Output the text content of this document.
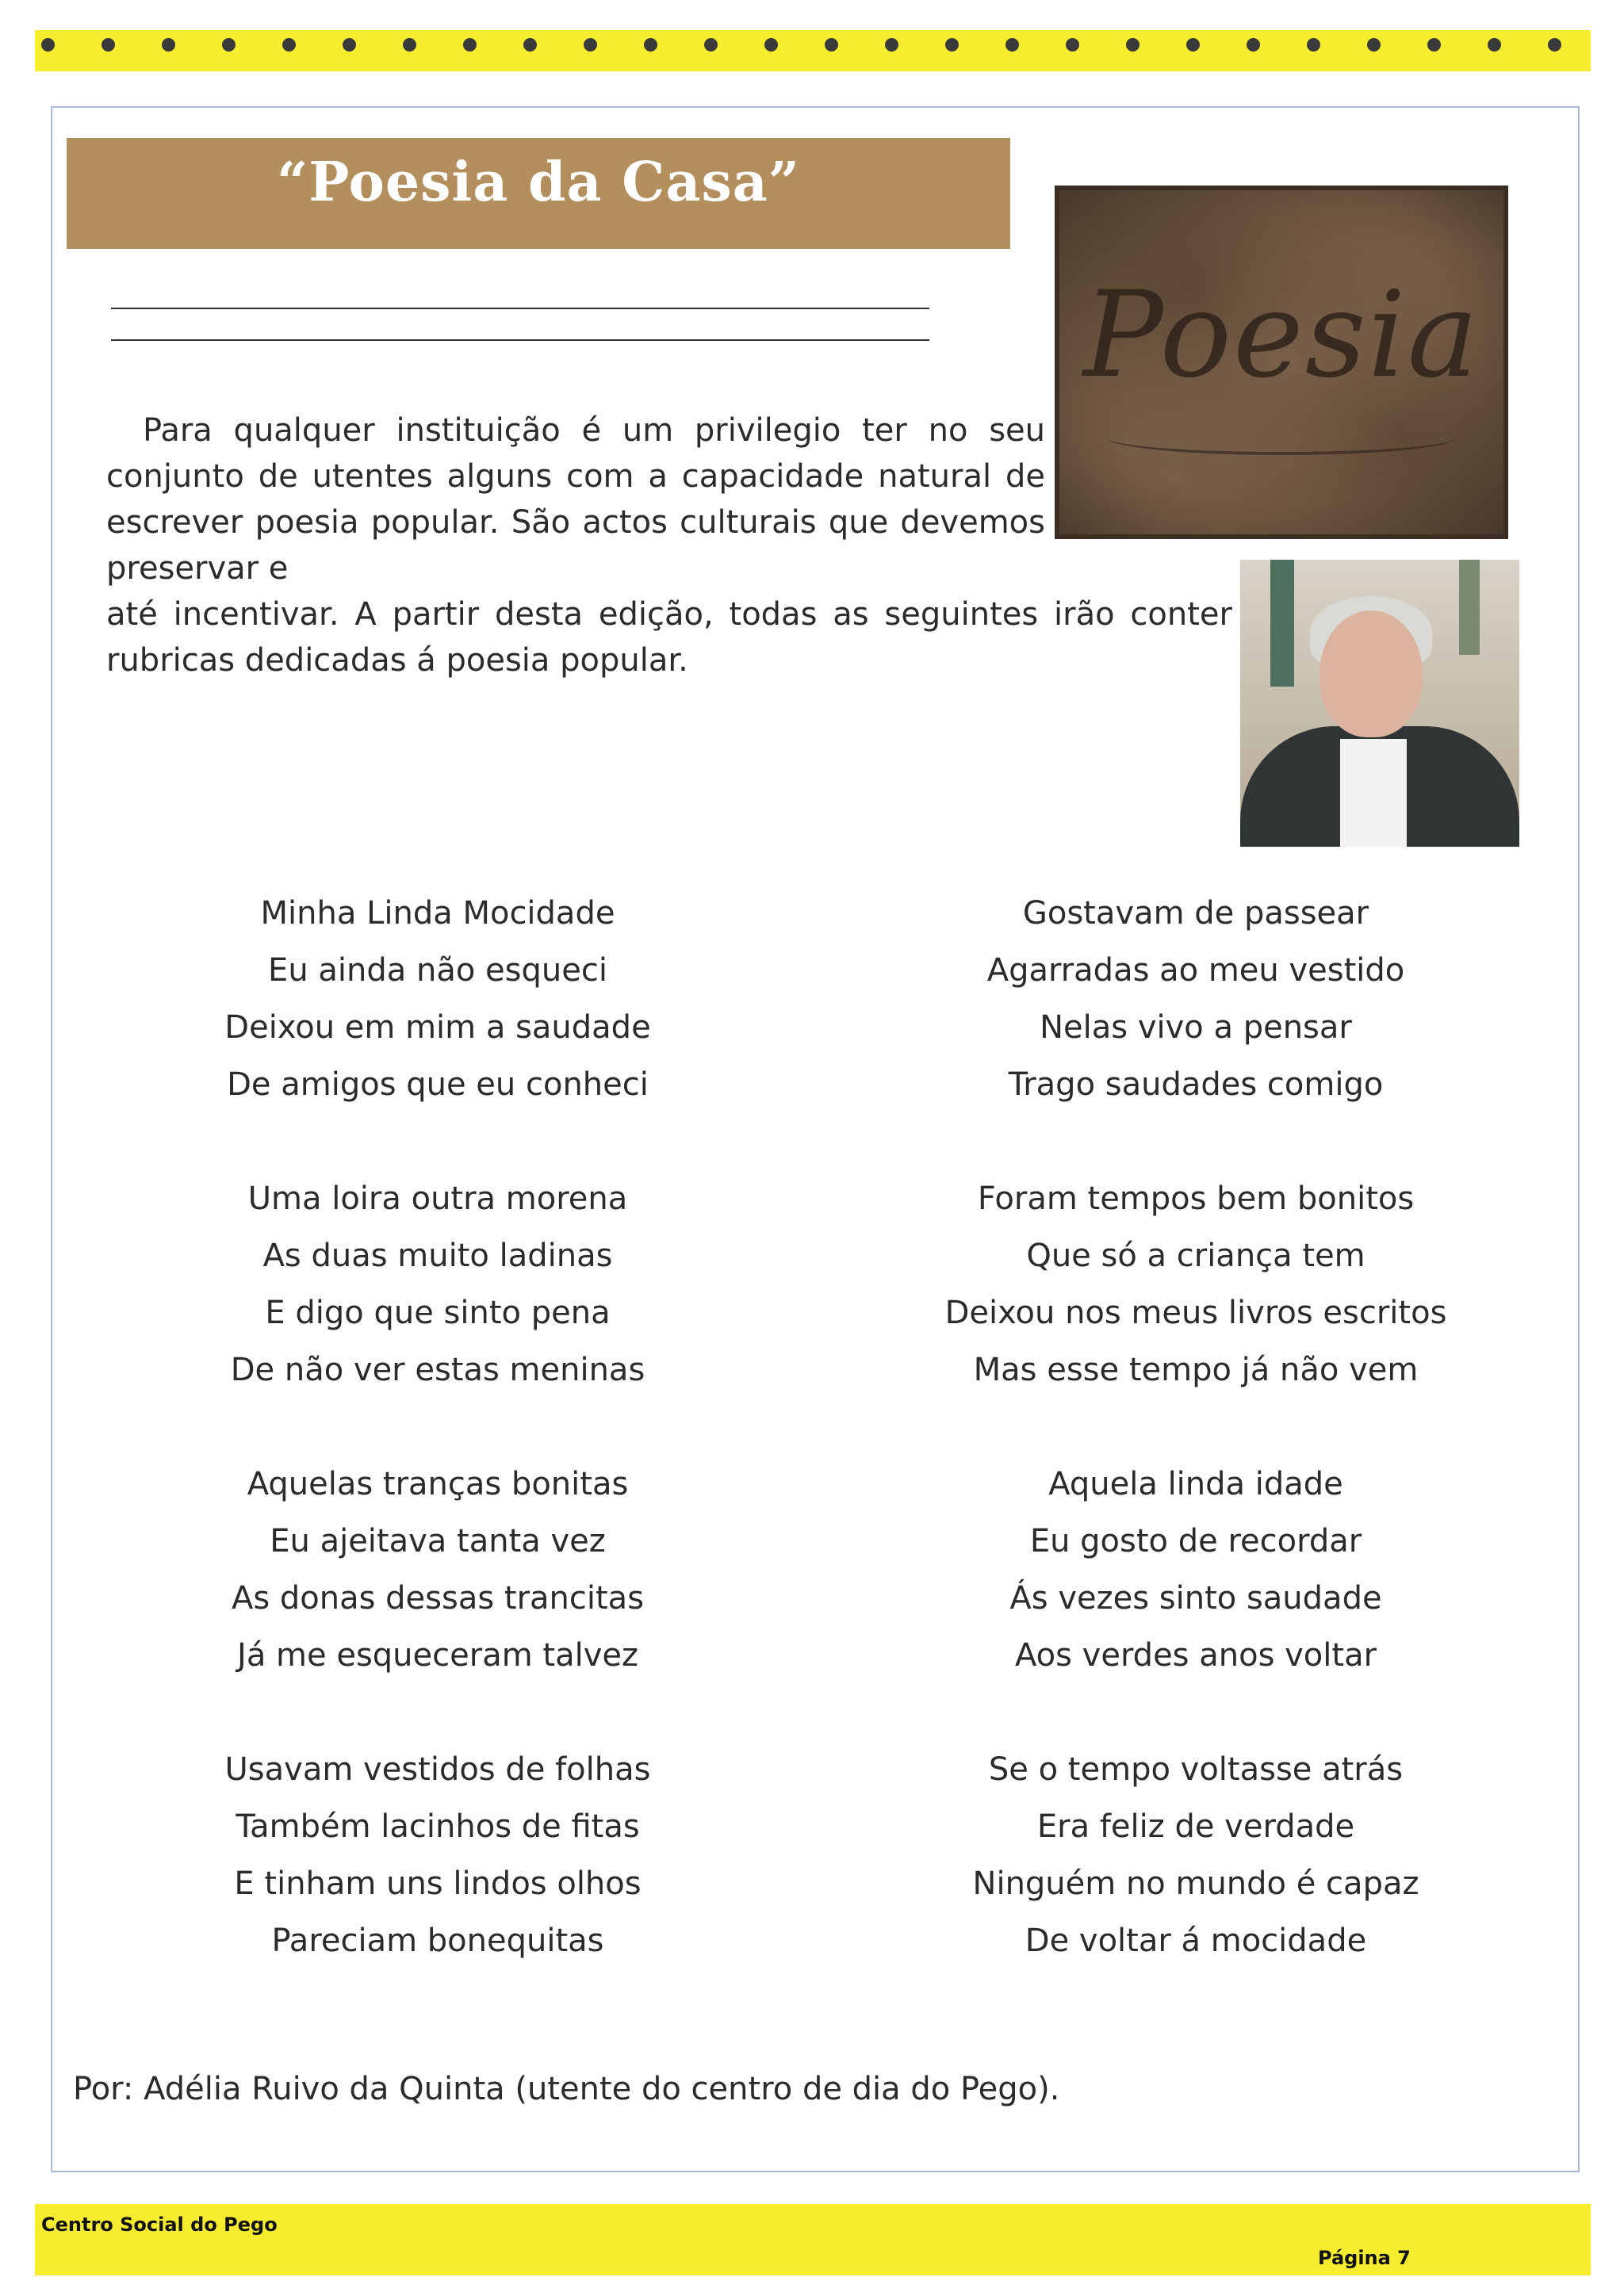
“Poesia da Casa”
Poesia

Para qualquer instituição é um privilegio ter no seu conjunto de utentes alguns com a capacidade natural de escrever poesia popular. São actos culturais que devemos preservar e

até incentivar. A partir desta edição, todas as seguintes irão conter
rubricas dedicadas á poesia popular.

Minha Linda Mocidade
Eu ainda não esqueci
Deixou em mim a saudade
De amigos que eu conheci
Uma loira outra morena
As duas muito ladinas
E digo que sinto pena
De não ver estas meninas
Aquelas tranças bonitas
Eu ajeitava tanta vez
As donas dessas trancitas
Já me esqueceram talvez
Usavam vestidos de folhas
Também lacinhos de fitas
E tinham uns lindos olhos
Pareciam bonequitas
Gostavam de passear
Agarradas ao meu vestido
Nelas vivo a pensar
Trago saudades comigo
Foram tempos bem bonitos
Que só a criança tem
Deixou nos meus livros escritos
Mas esse tempo já não vem
Aquela linda idade
Eu gosto de recordar
Ás vezes sinto saudade
Aos verdes anos voltar
Se o tempo voltasse atrás
Era feliz de verdade
Ninguém no mundo é capaz
De voltar á mocidade
Por: Adélia Ruivo da Quinta (utente do centro de dia do Pego).
Centro Social do Pego
Página 7
